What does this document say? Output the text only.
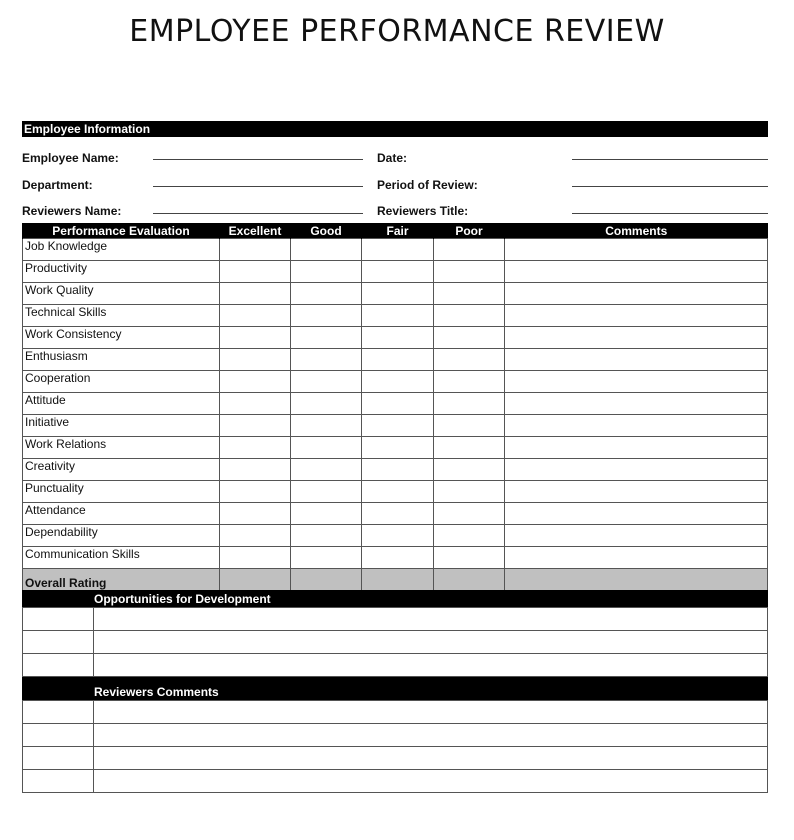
EMPLOYEE PERFORMANCE REVIEW
Employee Information
Employee Name:	Date:
Department:	Period of Review:
Reviewers Name:	Reviewers Title:
Performance Evaluation	Excellent	Good	Fair	Poor	Comments
Job Knowledge					
Productivity					
Work Quality					
Technical Skills					
Work Consistency					
Enthusiasm					
Cooperation					
Attitude					
Initiative					
Work Relations					
Creativity					
Punctuality					
Attendance					
Dependability					
Communication Skills					
Overall Rating					
Opportunities for Development

Reviewers Comments
